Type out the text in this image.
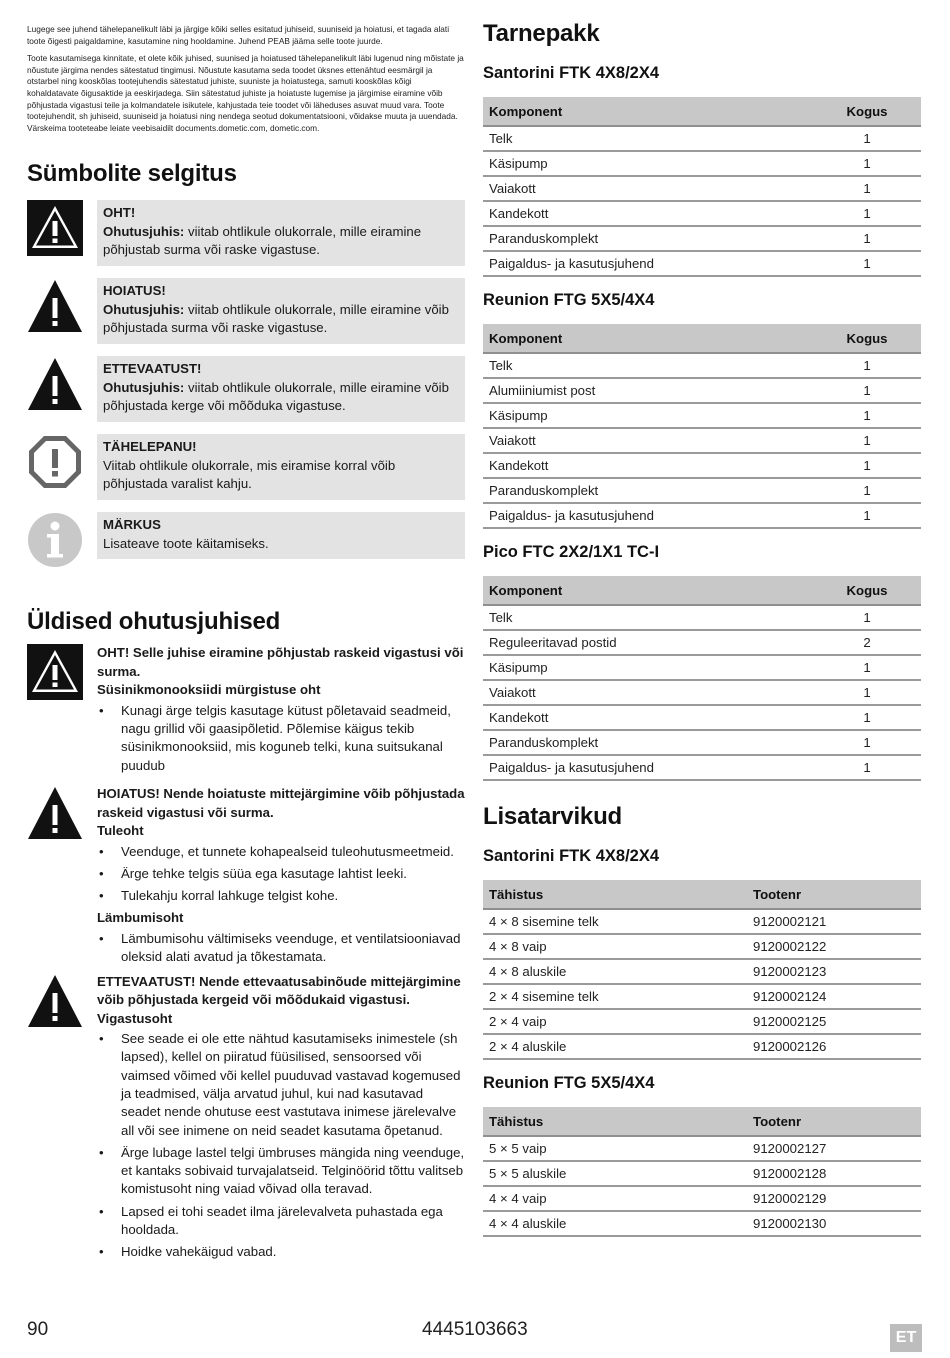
Lugege see juhend tähelepanelikult läbi ja järgige kõiki selles esitatud juhiseid, suuniseid ja hoiatusi, et tagada alati toote õigesti paigaldamine, kasutamine ning hooldamine. Juhend PEAB jääma selle toote juurde.

Toote kasutamisega kinnitate, et olete kõik juhised, suunised ja hoiatused tähelepanelikult läbi lugenud ning mõistate ja nõustute järgima nendes sätestatud tingimusi. Nõustute kasutama seda toodet üksnes ettenähtud eesmärgil ja otstarbel ning kooskõlas tootejuhendis sätestatud juhiste, suuniste ja hoiatustega, samuti kooskõlas kõigi kohaldatavate õigusaktide ja eeskirjadega. Siin sätestatud juhiste ja hoiatuste lugemise ja järgimise eiramine võib põhjustada vigastusi teile ja kolmandatele isikutele, kahjustada teie toodet või läheduses asuvat muud vara. Toote tootejuhendit, sh juhiseid, suuniseid ja hoiatusi ning nendega seotud dokumentatsiooni, võidakse muuta ja uuendada. Värskeima tooteteabe leiate veebisaidilt documents.dometic.com, dometic.com.

Sümbolite selgitus
OHT!
Ohutusjuhis: viitab ohtlikule olukorrale, mille eiramine põhjustab surma või raske vigastuse.
HOIATUS!
Ohutusjuhis: viitab ohtlikule olukorrale, mille eiramine võib põhjustada surma või raske vigastuse.
ETTEVAATUST!
Ohutusjuhis: viitab ohtlikule olukorrale, mille eiramine võib põhjustada kerge või mõõduka vigastuse.
TÄHELEPANU!
Viitab ohtlikule olukorrale, mis eiramise korral võib põhjustada varalist kahju.
MÄRKUS
Lisateave toote käitamiseks.
Üldised ohutusjuhised

OHT! Selle juhise eiramine põhjustab raskeid vigastusi või surma.

Süsinikmonooksiidi mürgistuse oht

• Kunagi ärge telgis kasutage kütust põletavaid seadmeid, nagu grillid või gaasipõletid. Põlemise käigus tekib süsinikmonooksiid, mis koguneb telki, kuna suitsukanal puudub

HOIATUS! Nende hoiatuste mittejärgimine võib põhjustada raskeid vigastusi või surma.

Tuleoht

• Veenduge, et tunnete kohapealseid tuleohutusmeetmeid.
• Ärge tehke telgis süüa ega kasutage lahtist leeki.
• Tulekahju korral lahkuge telgist kohe.

Lämbumisoht

• Lämbumisohu vältimiseks veenduge, et ventilatsiooniavad oleksid alati avatud ja tõkestamata.

ETTEVAATUST! Nende ettevaatusabinõude mittejärgimine võib põhjustada kergeid või mõõdukaid vigastusi.

Vigastusoht

• See seade ei ole ette nähtud kasutamiseks inimestele (sh lapsed), kellel on piiratud füüsilised, sensoorsed või vaimsed võimed või kellel puuduvad vastavad kogemused ja teadmised, välja arvatud juhul, kui nad kasutavad seadet nende ohutuse eest vastutava inimese järelevalve all või see inimene on neid seadet kasutama õpetanud.
• Ärge lubage lastel telgi ümbruses mängida ning veenduge, et kantaks sobivaid turvajalatseid. Telginöörid tõttu valitseb komistusoht ning vaiad võivad olla teravad.
• Lapsed ei tohi seadet ilma järelevalveta puhastada ega hooldada.
• Hoidke vahekäigud vabad.
Tarnepakk
Santorini FTK 4X8/2X4
Komponent	Kogus
Telk	1
Käsipump	1
Vaiakott	1
Kandekott	1
Paranduskomplekt	1
Paigaldus- ja kasutusjuhend	1
Reunion FTG 5X5/4X4
Komponent	Kogus
Telk	1
Alumiiniumist post	1
Käsipump	1
Vaiakott	1
Kandekott	1
Paranduskomplekt	1
Paigaldus- ja kasutusjuhend	1
Pico FTC 2X2/1X1 TC-I
Komponent	Kogus
Telk	1
Reguleeritavad postid	2
Käsipump	1
Vaiakott	1
Kandekott	1
Paranduskomplekt	1
Paigaldus- ja kasutusjuhend	1
Lisatarvikud
Santorini FTK 4X8/2X4
Tähistus	Tootenr
4 × 8 sisemine telk	9120002121
4 × 8 vaip	9120002122
4 × 8 aluskile	9120002123
2 × 4 sisemine telk	9120002124
2 × 4 vaip	9120002125
2 × 4 aluskile	9120002126
Reunion FTG 5X5/4X4
Tähistus	Tootenr
5 × 5 vaip	9120002127
5 × 5 aluskile	9120002128
4 × 4 vaip	9120002129
4 × 4 aluskile	9120002130
90	4445103663	ET
